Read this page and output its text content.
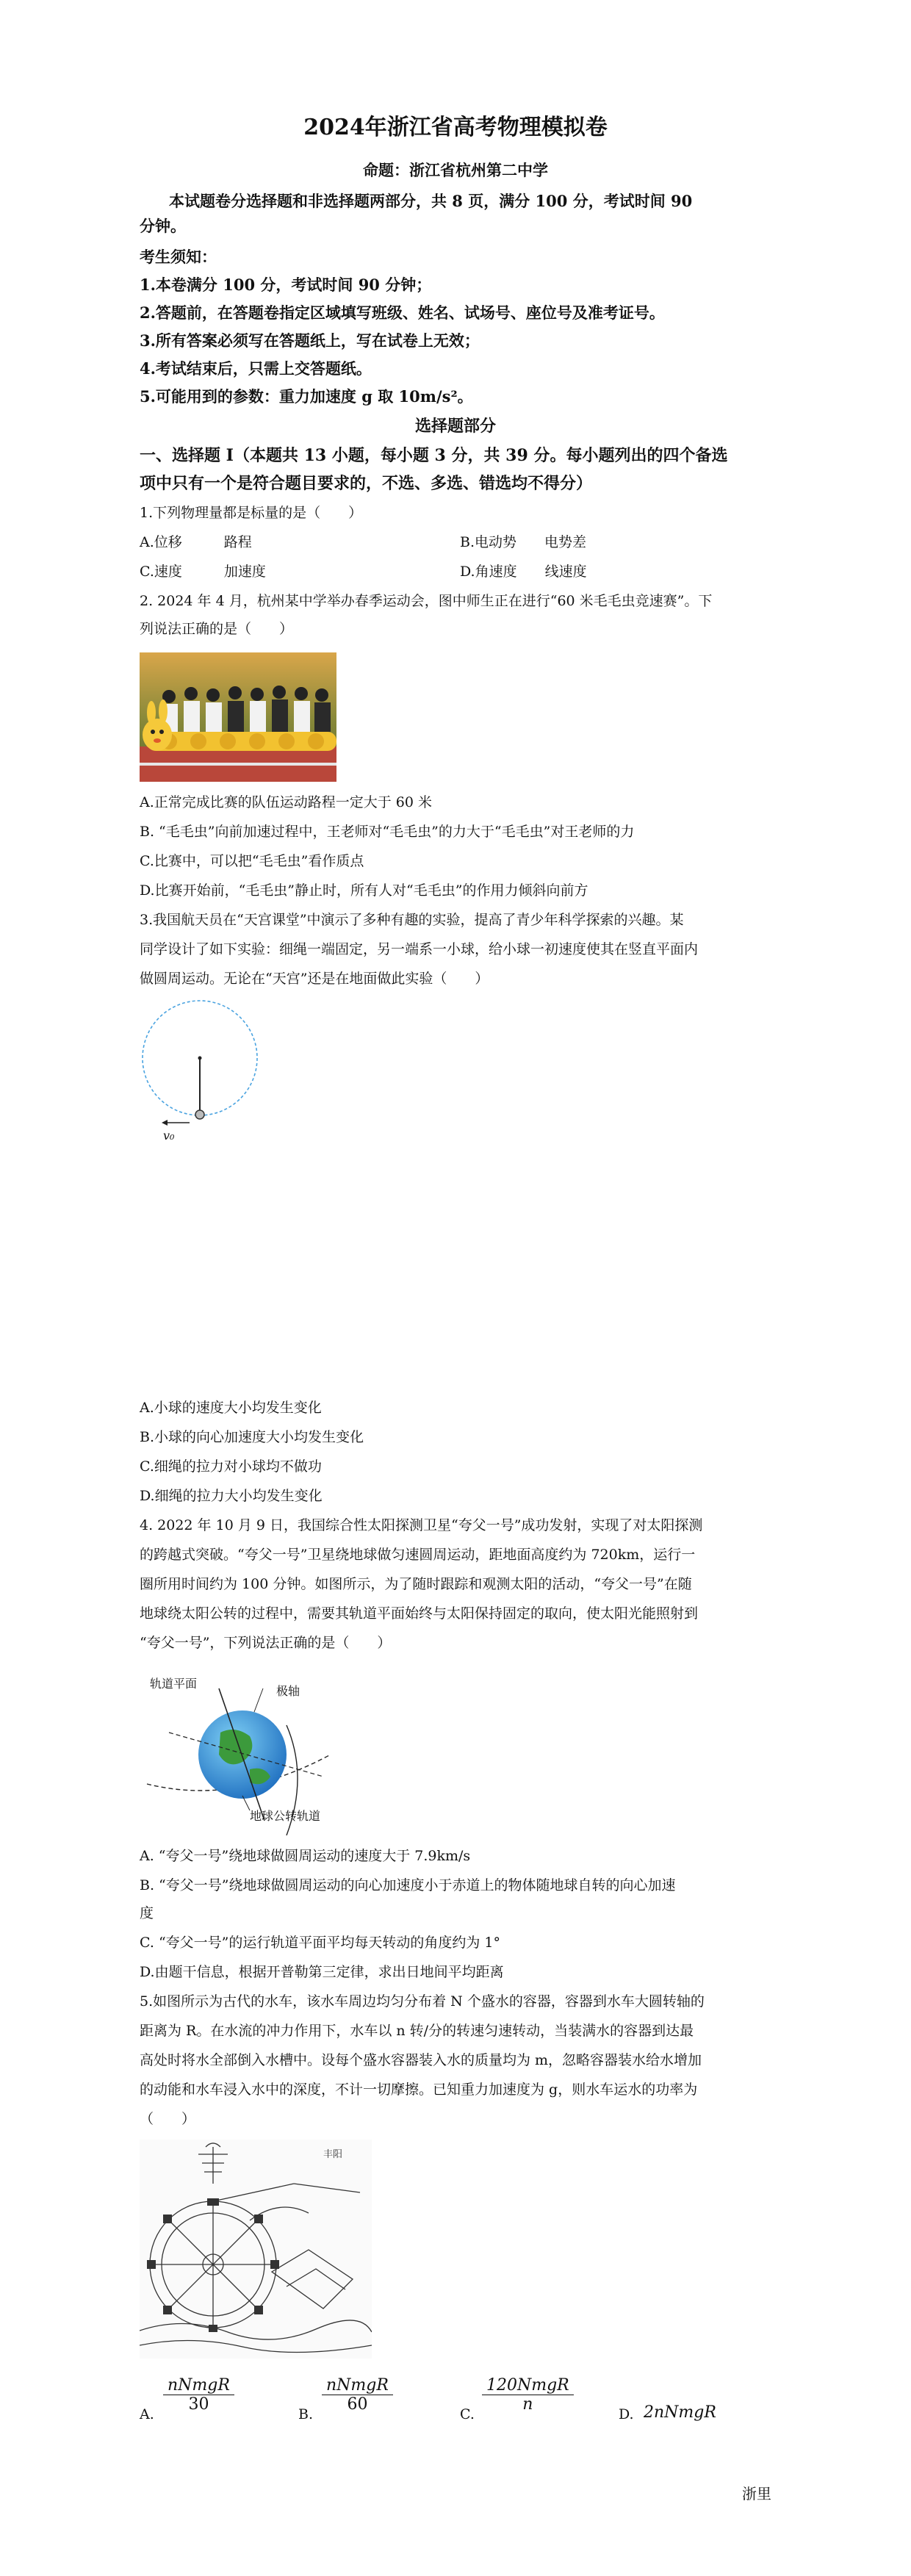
2024年浙江省高考物理模拟卷
命题：浙江省杭州第二中学
本试题卷分选择题和非选择题两部分，共 8 页，满分 100 分，考试时间 90
分钟。
考生须知：
1.本卷满分 100 分，考试时间 90 分钟；
2.答题前，在答题卷指定区域填写班级、姓名、试场号、座位号及准考证号。
3.所有答案必须写在答题纸上，写在试卷上无效；
4.考试结束后，只需上交答题纸。
5.可能用到的参数：重力加速度 g 取 10m/s²。
选择题部分
一、选择题 I（本题共 13 小题，每小题 3 分，共 39 分。每小题列出的四个备选
项中只有一个是符合题目要求的，不选、多选、错选均不得分）
1.下列物理量都是标量的是（　　）
A.位移　　　路程	B.电动势　　电势差
C.速度　　　加速度	D.角速度　　线速度
2. 2024 年 4 月，杭州某中学举办春季运动会，图中师生正在进行“60 米毛毛虫竞速赛”。下
列说法正确的是（　　）
A.正常完成比赛的队伍运动路程一定大于 60 米
B. “毛毛虫”向前加速过程中，王老师对“毛毛虫”的力大于“毛毛虫”对王老师的力
C.比赛中，可以把“毛毛虫”看作质点
D.比赛开始前，“毛毛虫”静止时，所有人对“毛毛虫”的作用力倾斜向前方
3.我国航天员在“天宫课堂”中演示了多种有趣的实验，提高了青少年科学探索的兴趣。某
同学设计了如下实验：细绳一端固定，另一端系一小球，给小球一初速度使其在竖直平面内
做圆周运动。无论在“天宫”还是在地面做此实验（　　）
v₀
A.小球的速度大小均发生变化
B.小球的向心加速度大小均发生变化
C.细绳的拉力对小球均不做功
D.细绳的拉力大小均发生变化
4. 2022 年 10 月 9 日，我国综合性太阳探测卫星“夸父一号”成功发射，实现了对太阳探测
的跨越式突破。“夸父一号”卫星绕地球做匀速圆周运动，距地面高度约为 720km，运行一
圈所用时间约为 100 分钟。如图所示，为了随时跟踪和观测太阳的活动，“夸父一号”在随
地球绕太阳公转的过程中，需要其轨道平面始终与太阳保持固定的取向，使太阳光能照射到
“夸父一号”，下列说法正确的是（　　）
轨道平面
极轴
地球公转轨道
A. “夸父一号”绕地球做圆周运动的速度大于 7.9km/s
B. “夸父一号”绕地球做圆周运动的向心加速度小于赤道上的物体随地球自转的向心加速
度
C. “夸父一号”的运行轨道平面平均每天转动的角度约为 1°
D.由题干信息，根据开普勒第三定律，求出日地间平均距离
5.如图所示为古代的水车，该水车周边均匀分布着 N 个盛水的容器，容器到水车大圆转轴的
距离为 R。在水流的冲力作用下，水车以 n 转/分的转速匀速转动，当装满水的容器到达最
高处时将水全部倒入水槽中。设每个盛水容器装入水的质量均为 m，忽略容器装水给水增加
的动能和水车浸入水中的深度，不计一切摩擦。已知重力加速度为 g，则水车运水的功率为
（　　）
丰阳
A.
nNmgR
30
B.
nNmgR
60
C.
120NmgR
n
D. 2nNmgR
浙里
